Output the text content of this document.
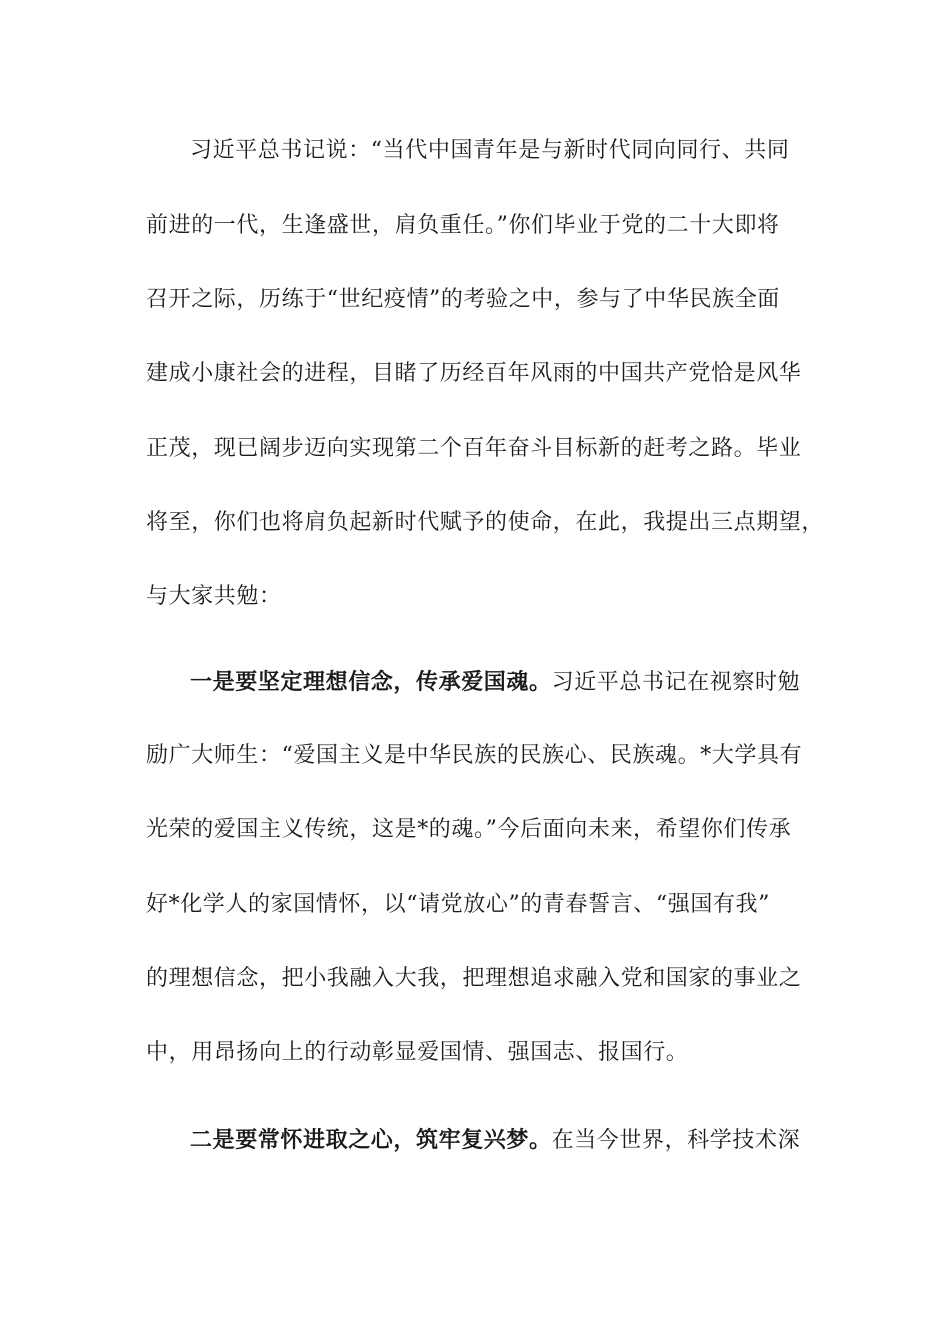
习近平总书记说：“当代中国青年是与新时代同向同行、共同
前进的一代，生逢盛世，肩负重任。”你们毕业于党的二十大即将
召开之际，历练于“世纪疫情”的考验之中，参与了中华民族全面
建成小康社会的进程，目睹了历经百年风雨的中国共产党恰是风华
正茂，现已阔步迈向实现第二个百年奋斗目标新的赶考之路。毕业
将至，你们也将肩负起新时代赋予的使命，在此，我提出三点期望，
与大家共勉：
一是要坚定理想信念，传承爱国魂。习近平总书记在视察时勉
励广大师生：“爱国主义是中华民族的民族心、民族魂。*大学具有
光荣的爱国主义传统，这是*的魂。”今后面向未来，希望你们传承
好*化学人的家国情怀，以“请党放心”的青春誓言、“强国有我”
的理想信念，把小我融入大我，把理想追求融入党和国家的事业之
中，用昂扬向上的行动彰显爱国情、强国志、报国行。
二是要常怀进取之心，筑牢复兴梦。在当今世界，科学技术深
